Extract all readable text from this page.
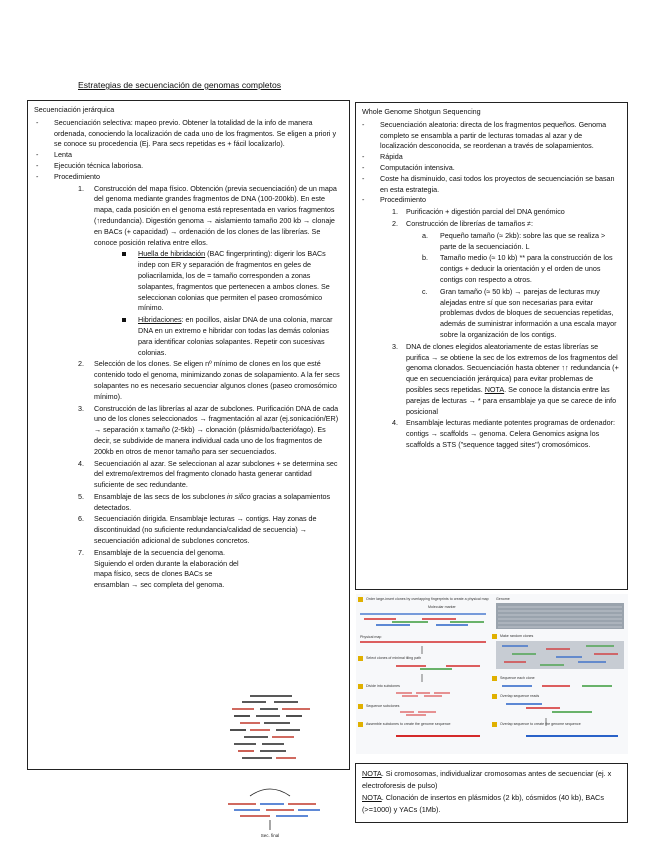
Estrategias de secuenciación de genomas completos
Secuenciación jerárquica
- Secuenciación selectiva: mapeo previo. Obtener la totalidad de la info de manera ordenada, conociendo la localización de cada uno de los fragmentos. Se eligen a priori y se conoce su procedencia (Ej. Para secs repetidas es + fácil localizarlo).
- Lenta
- Ejecución técnica laboriosa.
- Procedimiento
1. Construcción del mapa físico. Obtención (previa secuenciación) de un mapa del genoma mediante grandes fragmentos de DNA (100-200kb). En este mapa, cada posición en el genoma está representada en varios fragmentos (↑redundancia). Digestión genoma → aislamiento tamaño 200 kb → clonaje en BACs (+ capacidad) → ordenación de los clones de las librerías. Se conoce posición relativa entre ellos.
Huella de hibridación (BAC fingerprinting): digerir los BACs indep con ER y separación de fragmentos en geles de poliacrilamida, los de = tamaño corresponden a zonas solapantes, fragmentos que pertenecen a ambos clones. Se seleccionan colonias que permiten el paseo cromosómico mínimo.
Hibridaciones: en pocillos, aislar DNA de una colonia, marcar DNA en un extremo e hibridar con todas las demás colonias para identificar colonias solapantes. Repetir con sucesivas colonias.
2. Selección de los clones. Se eligen nº mínimo de clones en los que esté contenido todo el genoma, minimizando zonas de solapamiento. A la fer secs solapantes no es necesario secuenciar algunos clones (paseo cromosómico mínimo).
3. Construcción de las librerías al azar de subclones. Purificación DNA de cada uno de los clones seleccionados → fragmentación al azar (ej.sonicación/ER) → separación x tamaño (2-5kb) → clonación (plásmido/bacteriófago). Es decir, se subdivide de manera individual cada uno de los fragmentos de 200kb en otros de menor tamaño para ser secuenciados.
4. Secuenciación al azar. Se seleccionan al azar subclones + se determina sec del extremo/extremos del fragmento clonado hasta generar cantidad suficiente de sec redundante.
5. Ensamblaje de las secs de los subclones in silico gracias a solapamientos detectados.
6. Secuenciación dirigida. Ensamblaje lecturas → contigs. Hay zonas de discontinuidad (no suficiente redundancia/calidad de secuencia) → secuenciación adicional de subclones concretos.
7. Ensamblaje de la secuencia del genoma. Siguiendo el orden durante la elaboración del mapa físico, secs de clones BACs se ensamblan → sec completa del genoma.
Sec. final
Whole Genome Shotgun Sequencing
- Secuenciación aleatoria: directa de los fragmentos pequeños. Genoma completo se ensambla a partir de lecturas tomadas al azar y de localización desconocida, se reordenan a través de solapamientos.
- Rápida
- Computación intensiva.
- Coste ha disminuido, casi todos los proyectos de secuenciación se basan en esta estrategia.
- Procedimiento
1. Purificación + digestión parcial del DNA genómico
2. Construcción de librerías de tamaños ≠:
a. Pequeño tamaño (≈ 2kb): sobre las que se realiza > parte de la secuenciación. L
b. Tamaño medio (≈ 10 kb) ** para la construcción de los contigs + deducir la orientación y el orden de unos contigs con respecto a otros.
c. Gran tamaño (≈ 50 kb) → parejas de lecturas muy alejadas entre sí que son necesarias para evitar problemas dvdos de bloques de secuencias repetidas, además de suministrar información a una escala mayor sobre la organización de los contigs.
3. DNA de clones elegidos aleatoriamente de estas librerías se purifica → se obtiene la sec de los extremos de los fragmentos del genoma clonados. Secuenciación hasta obtener ↑↑ redundancia (+ que en secuenciación jerárquica) para evitar problemas de posibles secs repetidas. NOTA. Se conoce la distancia entre las parejas de lecturas → * para ensamblaje ya que se carece de info posicional
4. Ensamblaje lecturas mediante potentes programas de ordenador: contigs → scaffolds → genoma. Celera Genomics asigna los scaffolds a STS ("sequence tagged sites") cromosómicos.
Order large-insert clones by overlapping fingerprints to create a physical map
Molecular marker
Physical map
Select clones of minimal tiling path
Divide into subclones
Sequence subclones
Assemble subclones to create the genome sequence
Genome
Make random clones
Sequence each clone
Overlap sequence reads
Overlap sequence to create the genome sequence
NOTA. Si cromosomas, individualizar cromosomas antes de secuenciar (ej. x electroforesis de pulso)
NOTA. Clonación de insertos en plásmidos (2 kb), cósmidos (40 kb), BACs (>=1000) y YACs (1Mb).
